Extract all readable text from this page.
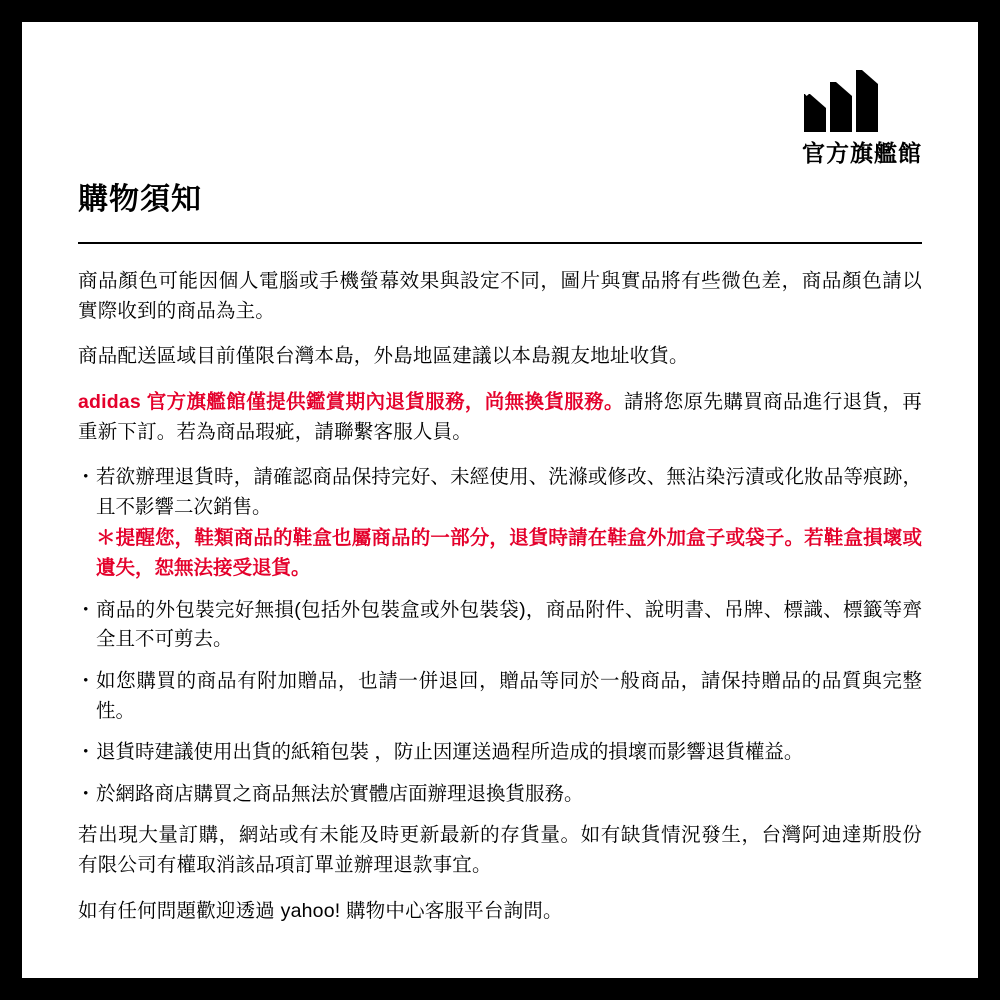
官方旗艦館
購物須知

商品顏色可能因個人電腦或手機螢幕效果與設定不同，圖片與實品將有些微色差，商品顏色請以實際收到的商品為主。

商品配送區域目前僅限台灣本島，外島地區建議以本島親友地址收貨。

adidas 官方旗艦館僅提供鑑賞期內退貨服務，尚無換貨服務。請將您原先購買商品進行退貨，再重新下訂。若為商品瑕疵，請聯繫客服人員。

・ 若欲辦理退貨時，請確認商品保持完好、未經使用、洗滌或修改、無沾染污漬或化妝品等痕跡，且不影響二次銷售。
＊提醒您，鞋類商品的鞋盒也屬商品的一部分，退貨時請在鞋盒外加盒子或袋子。若鞋盒損壞或遺失，恕無法接受退貨。
・ 商品的外包裝完好無損(包括外包裝盒或外包裝袋)，商品附件、說明書、吊牌、標識、標籤等齊全且不可剪去。
・ 如您購買的商品有附加贈品，也請一併退回，贈品等同於一般商品，請保持贈品的品質與完整性。
・ 退貨時建議使用出貨的紙箱包裝 ，防止因運送過程所造成的損壞而影響退貨權益。
・ 於網路商店購買之商品無法於實體店面辦理退換貨服務。

若出現大量訂購，網站或有未能及時更新最新的存貨量。如有缺貨情況發生，台灣阿迪達斯股份有限公司有權取消該品項訂單並辦理退款事宜。

如有任何問題歡迎透過 yahoo! 購物中心客服平台詢問。
